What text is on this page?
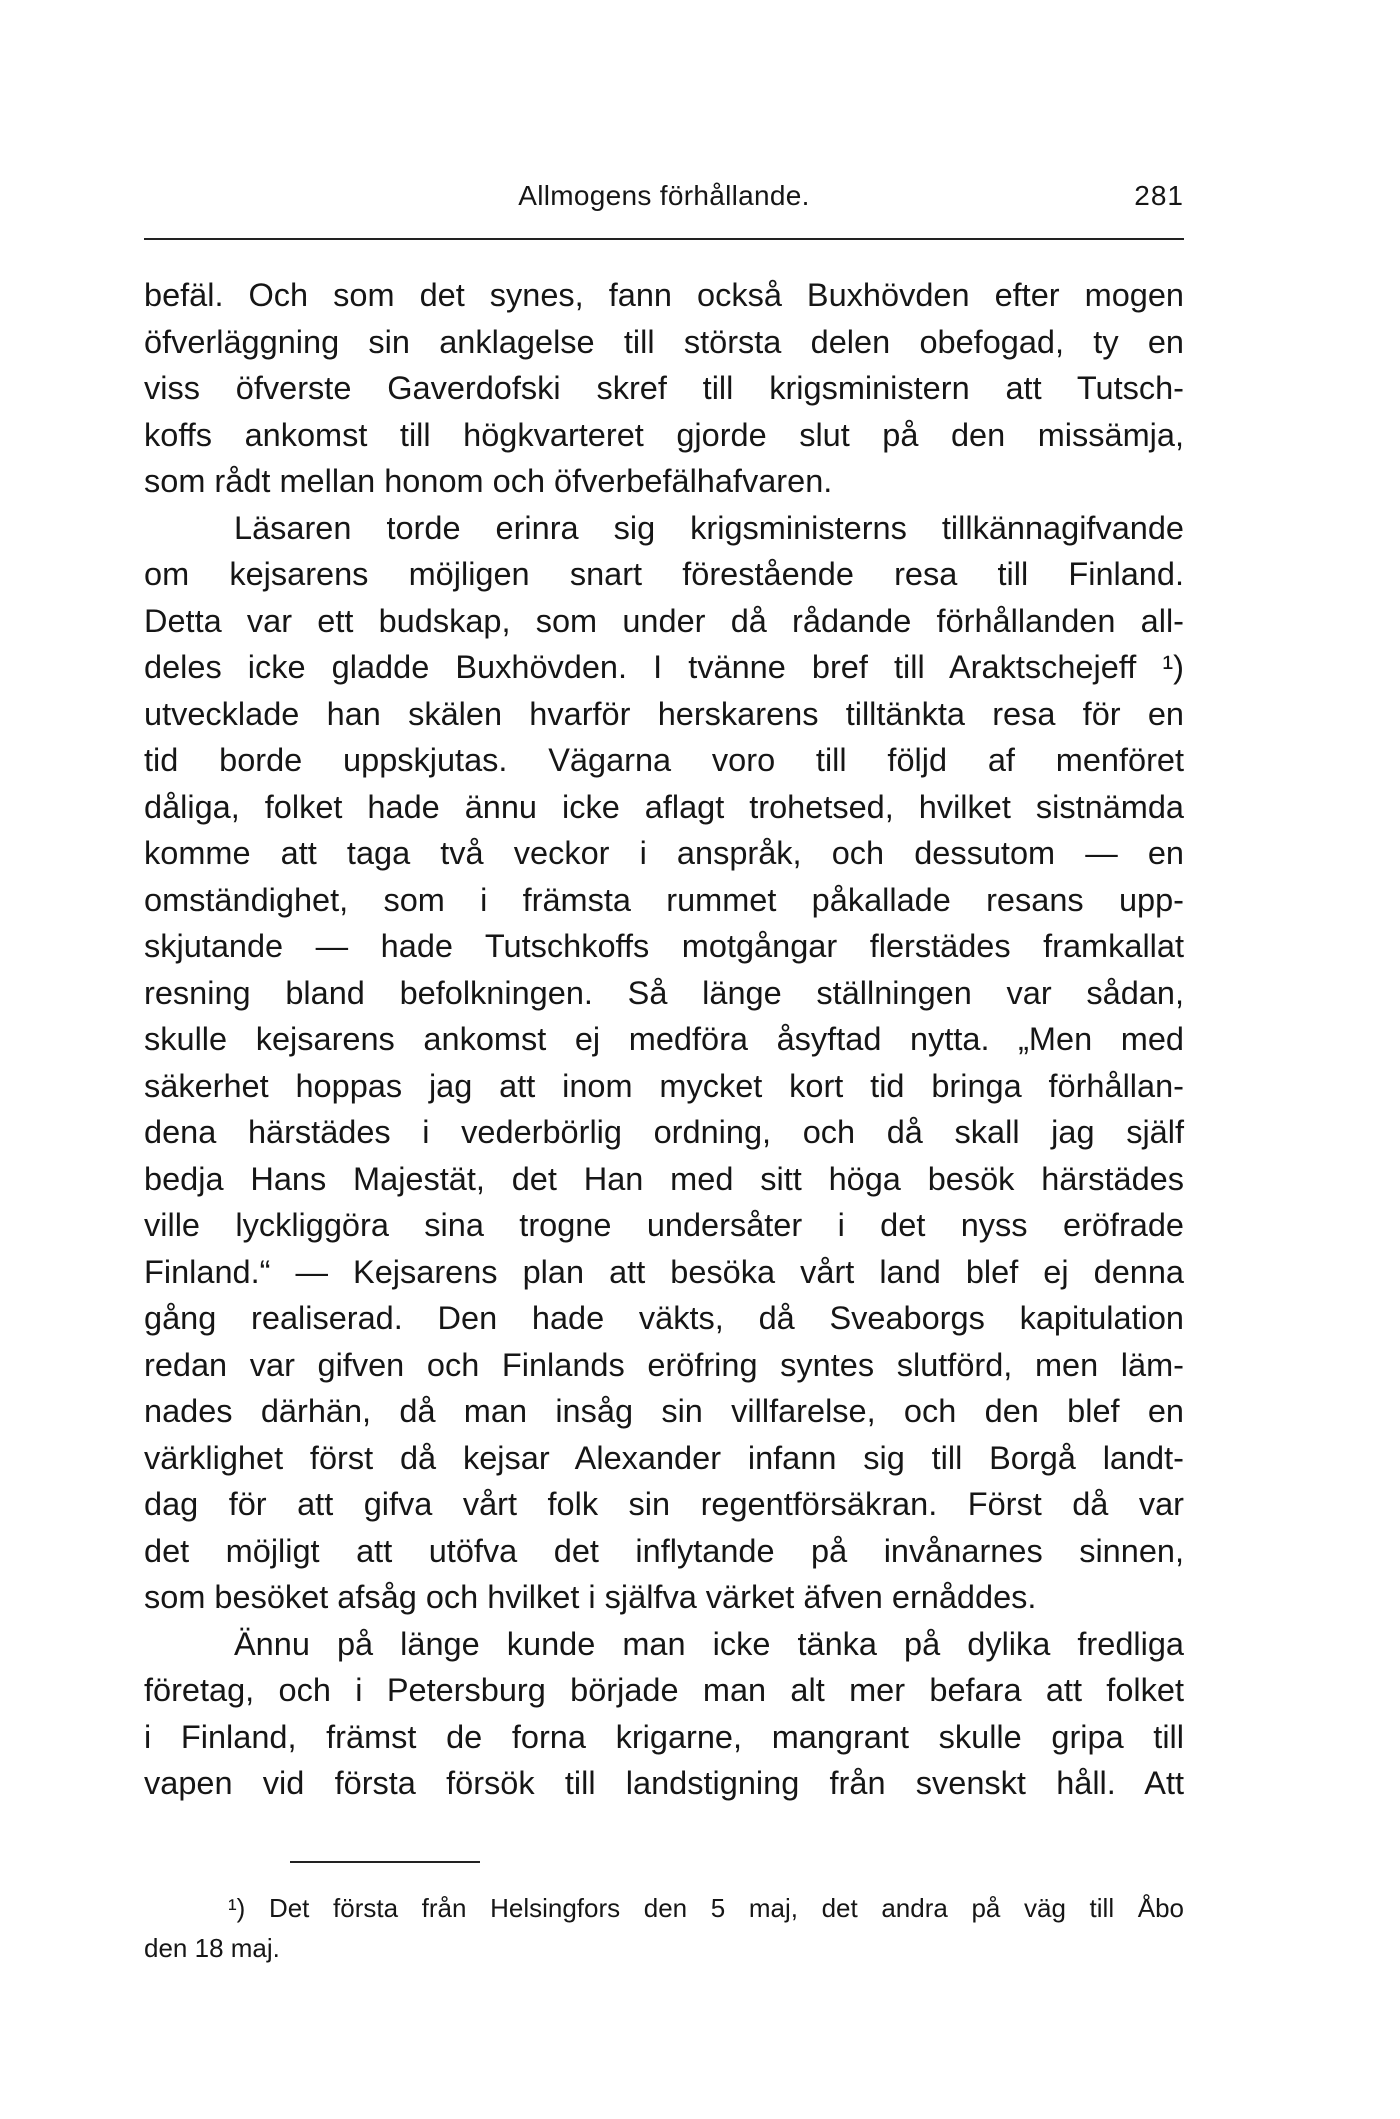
Allmogens förhållande.	281
befäl. Och som det synes, fann också Buxhövden efter mogen
öfverläggning sin anklagelse till största delen obefogad, ty en
viss öfverste Gaverdofski skref till krigsministern att Tutsch-
koffs ankomst till högkvarteret gjorde slut på den missämja,
som rådt mellan honom och öfverbefälhafvaren.
Läsaren torde erinra sig krigsministerns tillkännagifvande
om kejsarens möjligen snart förestående resa till Finland.
Detta var ett budskap, som under då rådande förhållanden all-
deles icke gladde Buxhövden. I tvänne bref till Araktschejeff ¹)
utvecklade han skälen hvarför herskarens tilltänkta resa för en
tid borde uppskjutas. Vägarna voro till följd af menföret
dåliga, folket hade ännu icke aflagt trohetsed, hvilket sistnämda
komme att taga två veckor i anspråk, och dessutom — en
omständighet, som i främsta rummet påkallade resans upp-
skjutande — hade Tutschkoffs motgångar flerstädes framkallat
resning bland befolkningen. Så länge ställningen var sådan,
skulle kejsarens ankomst ej medföra åsyftad nytta. „Men med
säkerhet hoppas jag att inom mycket kort tid bringa förhållan-
dena härstädes i vederbörlig ordning, och då skall jag själf
bedja Hans Majestät, det Han med sitt höga besök härstädes
ville lyckliggöra sina trogne undersåter i det nyss eröfrade
Finland.“ — Kejsarens plan att besöka vårt land blef ej denna
gång realiserad. Den hade väkts, då Sveaborgs kapitulation
redan var gifven och Finlands eröfring syntes slutförd, men läm-
nades därhän, då man insåg sin villfarelse, och den blef en
värklighet först då kejsar Alexander infann sig till Borgå landt-
dag för att gifva vårt folk sin regentförsäkran. Först då var
det möjligt att utöfva det inflytande på invånarnes sinnen,
som besöket afsåg och hvilket i själfva värket äfven ernåddes.
Ännu på länge kunde man icke tänka på dylika fredliga
företag, och i Petersburg började man alt mer befara att folket
i Finland, främst de forna krigarne, mangrant skulle gripa till
vapen vid första försök till landstigning från svenskt håll. Att
¹) Det första från Helsingfors den 5 maj, det andra på väg till Åbo
den 18 maj.
